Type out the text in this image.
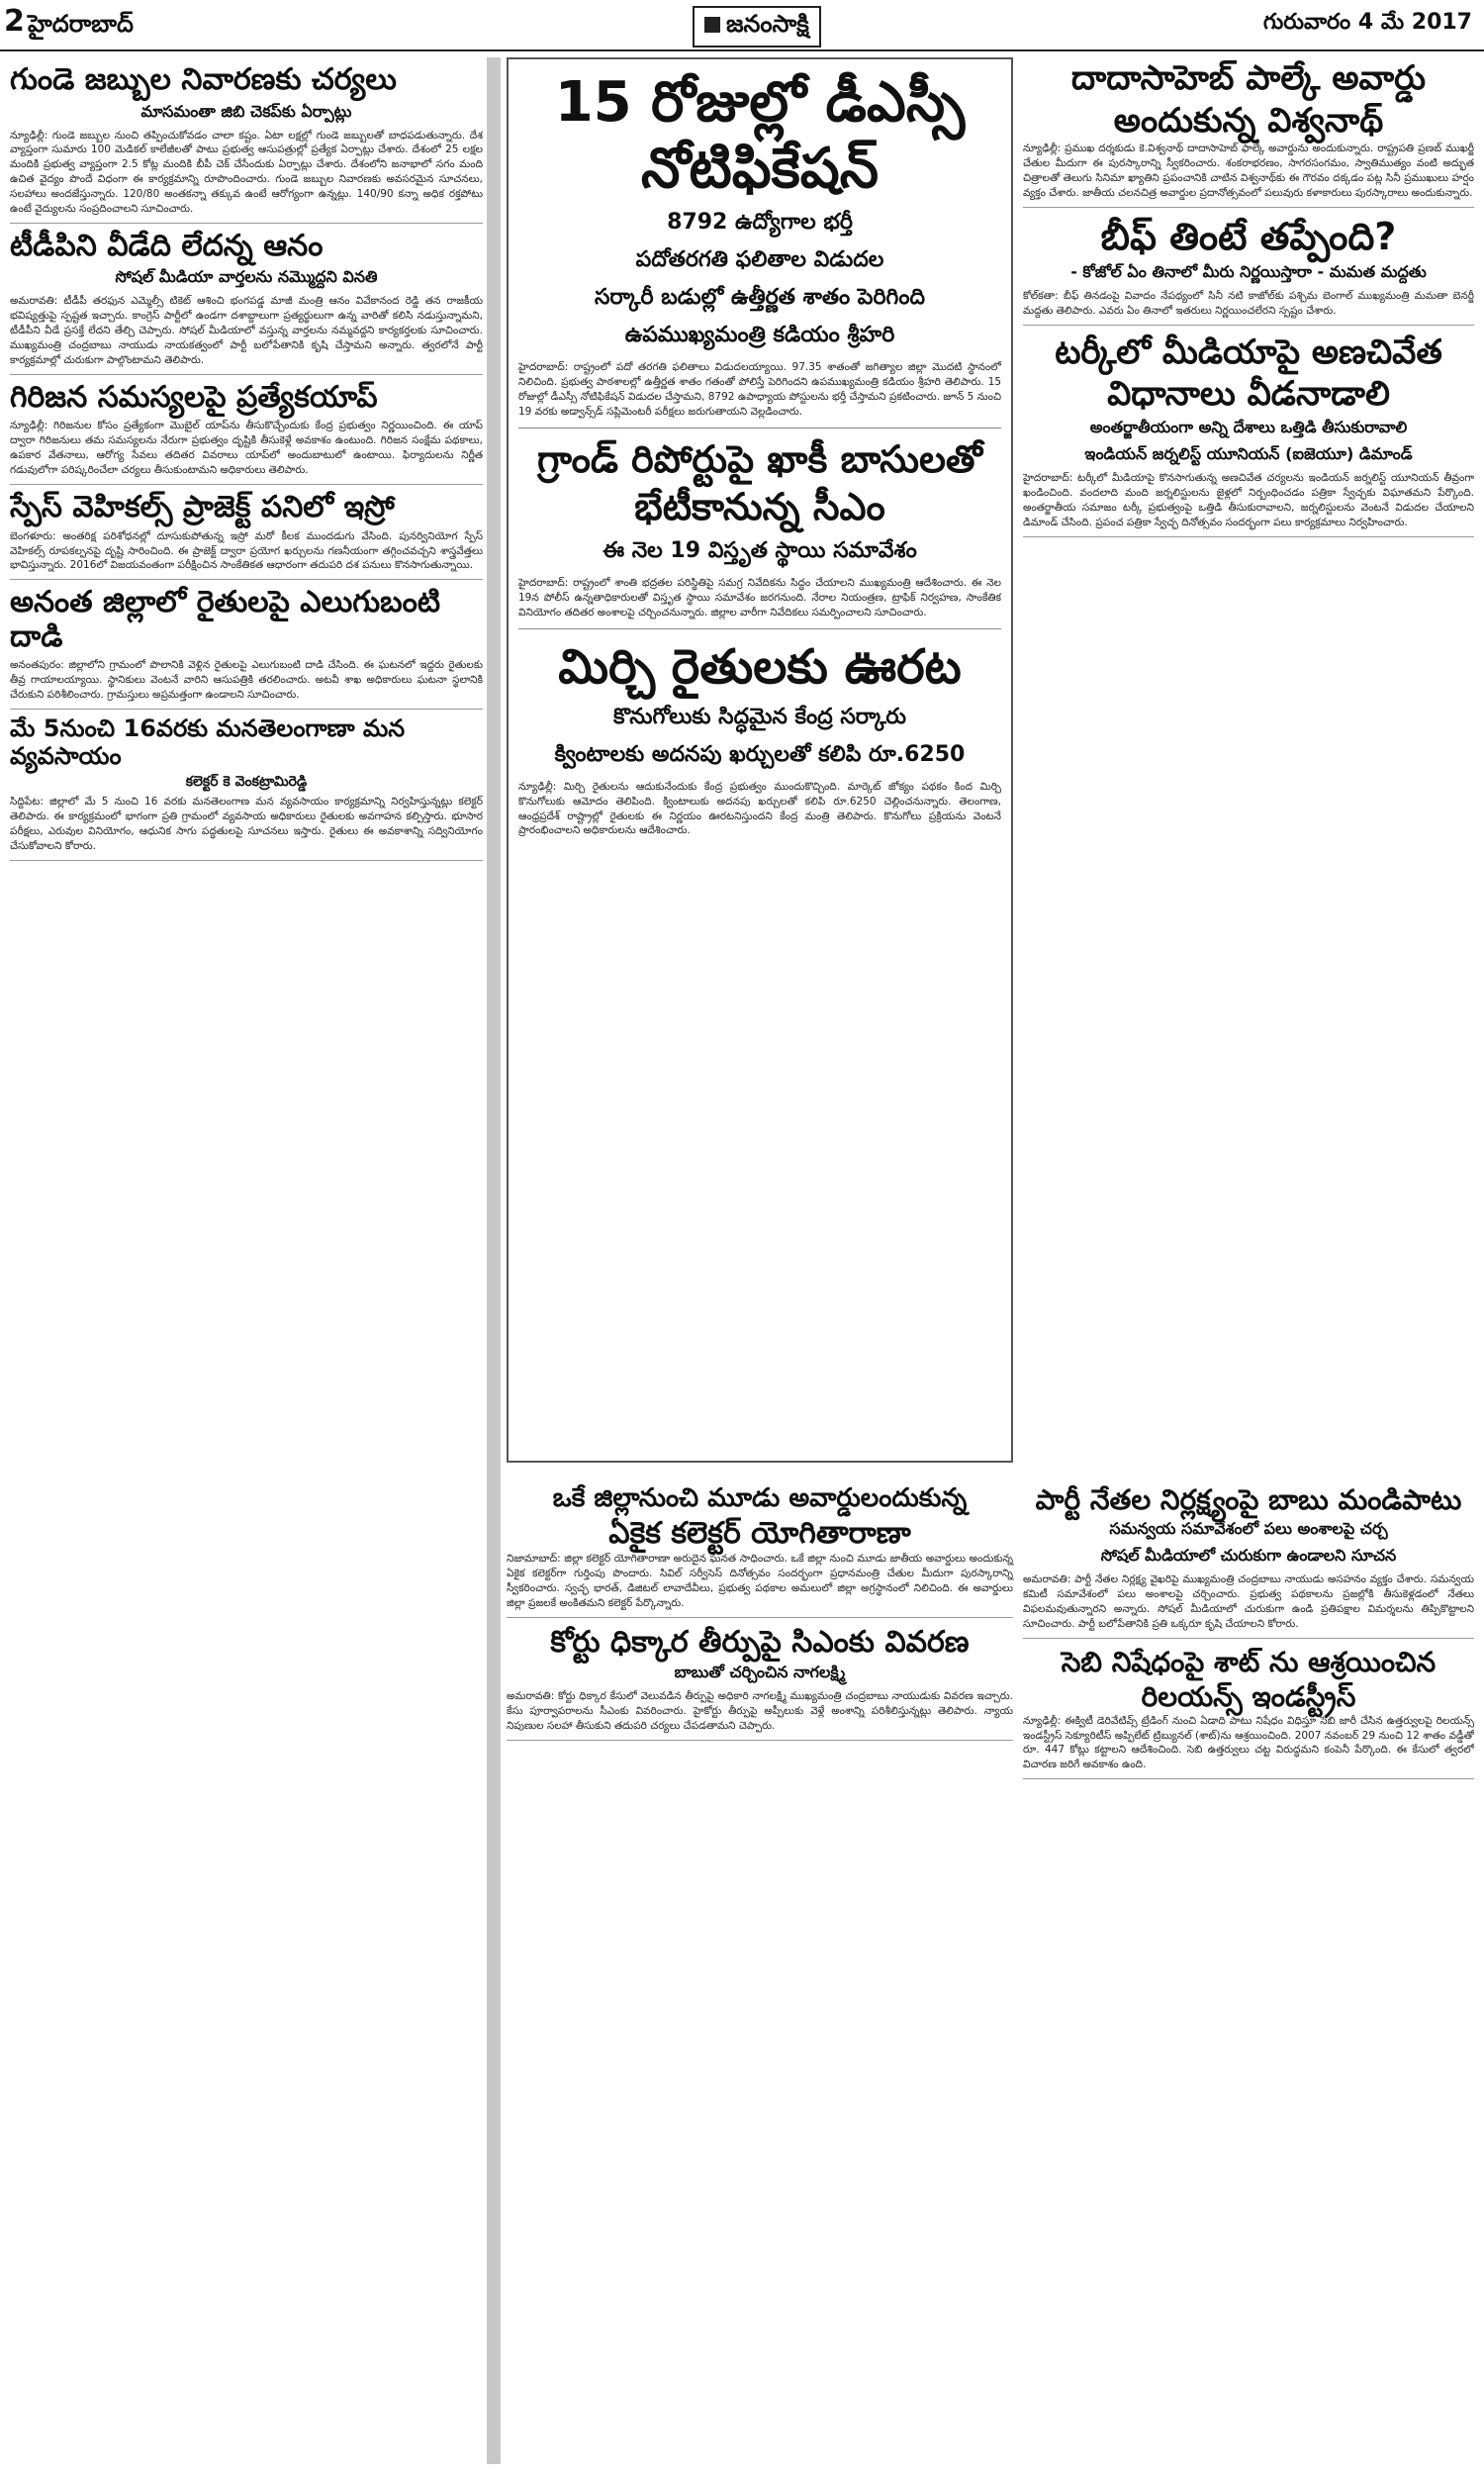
2 హైదరాబాద్	జనంసాక్షి	గురువారం 4 మే 2017
గుండె జబ్బుల నివారణకు చర్యలు
మాసమంతా జిబి చెకప్‌కు ఏర్పాట్లు
న్యూఢిల్లీ: గుండె జబ్బుల నుంచి తప్పించుకోవడం చాలా కష్టం. ఏటా లక్షల్లో గుండె జబ్బులతో బాధపడుతున్నారు. దేశ వ్యాప్తంగా సుమారు 100 మెడికల్ కాలేజీలతో పాటు ప్రభుత్వ ఆసుపత్రుల్లో ప్రత్యేక ఏర్పాట్లు చేశారు. దేశంలో 25 లక్షల మందికి ప్రభుత్వ వ్యాప్తంగా 2.5 కోట్ల మందికి బీపీ చెక్ చేసేందుకు ఏర్పాట్లు చేశారు. దేశంలోని జనాభాలో సగం మంది ఉచిత వైద్యం పొందే విధంగా ఈ కార్యక్రమాన్ని రూపొందించారు. గుండె జబ్బుల నివారణకు అవసరమైన సూచనలు, సలహాలు అందజేస్తున్నారు. 120/80 అంతకన్నా తక్కువ ఉంటే ఆరోగ్యంగా ఉన్నట్లు. 140/90 కన్నా అధిక రక్తపోటు ఉంటే వైద్యులను సంప్రదించాలని సూచించారు.
టీడీపిని వీడేది లేదన్న ఆనం
సోషల్ మీడియా వార్తలను నమ్మొద్దని వినతి
అమరావతి: టీడీపీ తరఫున ఎమ్మెల్సీ టికెట్ ఆశించి భంగపడ్డ మాజీ మంత్రి ఆనం వివేకానంద రెడ్డి తన రాజకీయ భవిష్యత్తుపై స్పష్టత ఇచ్చారు. కాంగ్రెస్ పార్టీలో ఉండగా దశాబ్దాలుగా ప్రత్యర్థులుగా ఉన్న వారితో కలిసి నడుస్తున్నామని, టీడీపీని వీడే ప్రసక్తే లేదని తేల్చి చెప్పారు. సోషల్ మీడియాలో వస్తున్న వార్తలను నమ్మవద్దని కార్యకర్తలకు సూచించారు. ముఖ్యమంత్రి చంద్రబాబు నాయుడు నాయకత్వంలో పార్టీ బలోపేతానికి కృషి చేస్తామని అన్నారు. త్వరలోనే పార్టీ కార్యక్రమాల్లో చురుకుగా పాల్గొంటామని తెలిపారు.
గిరిజన సమస్యలపై ప్రత్యేకయాప్
న్యూఢిల్లీ: గిరిజనుల కోసం ప్రత్యేకంగా మొబైల్ యాప్‌ను తీసుకొచ్చేందుకు కేంద్ర ప్రభుత్వం నిర్ణయించింది. ఈ యాప్ ద్వారా గిరిజనులు తమ సమస్యలను నేరుగా ప్రభుత్వం దృష్టికి తీసుకెళ్లే అవకాశం ఉంటుంది. గిరిజన సంక్షేమ పథకాలు, ఉపకార వేతనాలు, ఆరోగ్య సేవలు తదితర వివరాలు యాప్‌లో అందుబాటులో ఉంటాయి. ఫిర్యాదులను నిర్ణీత గడువులోగా పరిష్కరించేలా చర్యలు తీసుకుంటామని అధికారులు తెలిపారు.
స్పేస్ వెహికల్స్ ప్రాజెక్ట్ పనిలో ఇస్రో
బెంగళూరు: అంతరిక్ష పరిశోధనల్లో దూసుకుపోతున్న ఇస్రో మరో కీలక ముందడుగు వేసింది. పునర్వినియోగ స్పేస్ వెహికల్స్ రూపకల్పనపై దృష్టి సారించింది. ఈ ప్రాజెక్ట్ ద్వారా ప్రయోగ ఖర్చులను గణనీయంగా తగ్గించవచ్చని శాస్త్రవేత్తలు భావిస్తున్నారు. 2016లో విజయవంతంగా పరీక్షించిన సాంకేతికత ఆధారంగా తదుపరి దశ పనులు కొనసాగుతున్నాయి.
అనంత జిల్లాలో రైతులపై ఎలుగుబంటి దాడి
అనంతపురం: జిల్లాలోని గ్రామంలో పొలానికి వెళ్లిన రైతులపై ఎలుగుబంటి దాడి చేసింది. ఈ ఘటనలో ఇద్దరు రైతులకు తీవ్ర గాయాలయ్యాయి. స్థానికులు వెంటనే వారిని ఆసుపత్రికి తరలించారు. అటవీ శాఖ అధికారులు ఘటనా స్థలానికి చేరుకుని పరిశీలించారు. గ్రామస్తులు అప్రమత్తంగా ఉండాలని సూచించారు.
మే 5నుంచి 16వరకు మనతెలంగాణా మన వ్యవసాయం
కలెక్టర్ కె వెంకట్రామిరెడ్డి
సిద్దిపేట: జిల్లాలో మే 5 నుంచి 16 వరకు మనతెలంగాణ మన వ్యవసాయం కార్యక్రమాన్ని నిర్వహిస్తున్నట్లు కలెక్టర్ తెలిపారు. ఈ కార్యక్రమంలో భాగంగా ప్రతి గ్రామంలో వ్యవసాయ అధికారులు రైతులకు అవగాహన కల్పిస్తారు. భూసార పరీక్షలు, ఎరువుల వినియోగం, ఆధునిక సాగు పద్ధతులపై సూచనలు ఇస్తారు. రైతులు ఈ అవకాశాన్ని సద్వినియోగం చేసుకోవాలని కోరారు.
15 రోజుల్లో డీఎస్సీ నోటిఫికేషన్
8792 ఉద్యోగాల భర్తీ
పదోతరగతి ఫలితాల విడుదల
సర్కారీ బడుల్లో ఉత్తీర్ణత శాతం పెరిగింది
ఉపముఖ్యమంత్రి కడియం శ్రీహరి
హైదరాబాద్: రాష్ట్రంలో పదో తరగతి ఫలితాలు విడుదలయ్యాయి. 97.35 శాతంతో జగిత్యాల జిల్లా మొదటి స్థానంలో నిలిచింది. ప్రభుత్వ పాఠశాలల్లో ఉత్తీర్ణత శాతం గతంతో పోలిస్తే పెరిగిందని ఉపముఖ్యమంత్రి కడియం శ్రీహరి తెలిపారు. 15 రోజుల్లో డీఎస్సీ నోటిఫికేషన్ విడుదల చేస్తామని, 8792 ఉపాధ్యాయ పోస్టులను భర్తీ చేస్తామని ప్రకటించారు. జూన్ 5 నుంచి 19 వరకు అడ్వాన్స్‌డ్ సప్లిమెంటరీ పరీక్షలు జరుగుతాయని వెల్లడించారు.
గ్రాండ్ రిపోర్టుపై ఖాకీ బాసులతో భేటీకానున్న సీఎం
ఈ నెల 19 విస్తృత స్థాయి సమావేశం
హైదరాబాద్: రాష్ట్రంలో శాంతి భద్రతల పరిస్థితిపై సమగ్ర నివేదికను సిద్ధం చేయాలని ముఖ్యమంత్రి ఆదేశించారు. ఈ నెల 19న పోలీస్ ఉన్నతాధికారులతో విస్తృత స్థాయి సమావేశం జరగనుంది. నేరాల నియంత్రణ, ట్రాఫిక్ నిర్వహణ, సాంకేతిక వినియోగం తదితర అంశాలపై చర్చించనున్నారు. జిల్లాల వారీగా నివేదికలు సమర్పించాలని సూచించారు.
మిర్చి రైతులకు ఊరట
కొనుగోలుకు సిద్ధమైన కేంద్ర సర్కారు
క్వింటాలకు అదనపు ఖర్చులతో కలిపి రూ.6250
న్యూఢిల్లీ: మిర్చి రైతులను ఆదుకునేందుకు కేంద్ర ప్రభుత్వం ముందుకొచ్చింది. మార్కెట్ జోక్యం పథకం కింద మిర్చి కొనుగోలుకు ఆమోదం తెలిపింది. క్వింటాలుకు అదనపు ఖర్చులతో కలిపి రూ.6250 చెల్లించనున్నారు. తెలంగాణ, ఆంధ్రప్రదేశ్ రాష్ట్రాల్లో రైతులకు ఈ నిర్ణయం ఊరటనిస్తుందని కేంద్ర మంత్రి తెలిపారు. కొనుగోలు ప్రక్రియను వెంటనే ప్రారంభించాలని అధికారులను ఆదేశించారు.
దాదాసాహెబ్ పాల్కే అవార్డు అందుకున్న విశ్వనాథ్
న్యూఢిల్లీ: ప్రముఖ దర్శకుడు కె.విశ్వనాథ్ దాదాసాహెబ్ ఫాల్కే అవార్డును అందుకున్నారు. రాష్ట్రపతి ప్రణబ్ ముఖర్జీ చేతుల మీదుగా ఈ పురస్కారాన్ని స్వీకరించారు. శంకరాభరణం, సాగరసంగమం, స్వాతిముత్యం వంటి అద్భుత చిత్రాలతో తెలుగు సినిమా ఖ్యాతిని ప్రపంచానికి చాటిన విశ్వనాథ్‌కు ఈ గౌరవం దక్కడం పట్ల సినీ ప్రముఖులు హర్షం వ్యక్తం చేశారు. జాతీయ చలనచిత్ర అవార్డుల ప్రదానోత్సవంలో పలువురు కళాకారులు పురస్కారాలు అందుకున్నారు.
బీఫ్ తింటే తప్పేంది?
- కోజోల్ ఏం తినాలో మీరు నిర్ణయిస్తారా - మమత మద్దతు
కోల్‌కతా: బీఫ్ తినడంపై వివాదం నేపథ్యంలో సినీ నటి కాజోల్‌కు పశ్చిమ బెంగాల్ ముఖ్యమంత్రి మమతా బెనర్జీ మద్దతు తెలిపారు. ఎవరు ఏం తినాలో ఇతరులు నిర్ణయించలేరని స్పష్టం చేశారు.
టర్కీలో మీడియాపై అణచివేత విధానాలు వీడనాడాలి
అంతర్జాతీయంగా అన్ని దేశాలు ఒత్తిడి తీసుకురావాలి
ఇండియన్ జర్నలిస్ట్ యూనియన్ (ఐజెయూ) డిమాండ్
హైదరాబాద్: టర్కీలో మీడియాపై కొనసాగుతున్న అణచివేత చర్యలను ఇండియన్ జర్నలిస్ట్ యూనియన్ తీవ్రంగా ఖండించింది. వందలాది మంది జర్నలిస్టులను జైళ్లలో నిర్బంధించడం పత్రికా స్వేచ్ఛకు విఘాతమని పేర్కొంది. అంతర్జాతీయ సమాజం టర్కీ ప్రభుత్వంపై ఒత్తిడి తీసుకురావాలని, జర్నలిస్టులను వెంటనే విడుదల చేయాలని డిమాండ్ చేసింది. ప్రపంచ పత్రికా స్వేచ్ఛ దినోత్సవం సందర్భంగా పలు కార్యక్రమాలు నిర్వహించారు.
ఒకే జిల్లానుంచి మూడు అవార్డులందుకున్న
ఏకైక కలెక్టర్ యోగితారాణా
నిజామాబాద్: జిల్లా కలెక్టర్ యోగితారాణా అరుదైన ఘనత సాధించారు. ఒకే జిల్లా నుంచి మూడు జాతీయ అవార్డులు అందుకున్న ఏకైక కలెక్టర్‌గా గుర్తింపు పొందారు. సివిల్ సర్వీసెస్ దినోత్సవం సందర్భంగా ప్రధానమంత్రి చేతుల మీదుగా పురస్కారాన్ని స్వీకరించారు. స్వచ్ఛ భారత్, డిజిటల్ లావాదేవీలు, ప్రభుత్వ పథకాల అమలులో జిల్లా అగ్రస్థానంలో నిలిచింది. ఈ అవార్డులు జిల్లా ప్రజలకే అంకితమని కలెక్టర్ పేర్కొన్నారు.
కోర్టు ధిక్కార తీర్పుపై సిఎంకు వివరణ
బాబుతో చర్చించిన నాగలక్ష్మి
అమరావతి: కోర్టు ధిక్కార కేసులో వెలువడిన తీర్పుపై అధికారి నాగలక్ష్మి ముఖ్యమంత్రి చంద్రబాబు నాయుడుకు వివరణ ఇచ్చారు. కేసు పూర్వాపరాలను సీఎంకు వివరించారు. హైకోర్టు తీర్పుపై అప్పీలుకు వెళ్లే అంశాన్ని పరిశీలిస్తున్నట్లు తెలిపారు. న్యాయ నిపుణుల సలహా తీసుకుని తదుపరి చర్యలు చేపడతామని చెప్పారు.
పార్టీ నేతల నిర్లక్ష్యంపై బాబు మండిపాటు
సమన్వయ సమావేశంలో పలు అంశాలపై చర్చ
సోషల్ మీడియాలో చురుకుగా ఉండాలని సూచన
అమరావతి: పార్టీ నేతల నిర్లక్ష్య వైఖరిపై ముఖ్యమంత్రి చంద్రబాబు నాయుడు అసహనం వ్యక్తం చేశారు. సమన్వయ కమిటీ సమావేశంలో పలు అంశాలపై చర్చించారు. ప్రభుత్వ పథకాలను ప్రజల్లోకి తీసుకెళ్లడంలో నేతలు విఫలమవుతున్నారని అన్నారు. సోషల్ మీడియాలో చురుకుగా ఉండి ప్రతిపక్షాల విమర్శలను తిప్పికొట్టాలని సూచించారు. పార్టీ బలోపేతానికి ప్రతి ఒక్కరూ కృషి చేయాలని కోరారు.
సెబి నిషేధంపై శాట్ ను ఆశ్రయించిన రిలయన్స్ ఇండస్ట్రీస్
న్యూఢిల్లీ: ఈక్విటీ డెరివేటివ్స్ ట్రేడింగ్ నుంచి ఏడాది పాటు నిషేధం విధిస్తూ సెబి జారీ చేసిన ఉత్తర్వులపై రిలయన్స్ ఇండస్ట్రీస్ సెక్యూరిటీస్ అప్పిలేట్ ట్రిబ్యునల్ (శాట్)ను ఆశ్రయించింది. 2007 నవంబర్ 29 నుంచి 12 శాతం వడ్డీతో రూ. 447 కోట్లు కట్టాలని ఆదేశించింది. సెబి ఉత్తర్వులు చట్ట విరుద్ధమని కంపెనీ పేర్కొంది. ఈ కేసులో త్వరలో విచారణ జరిగే అవకాశం ఉంది.
